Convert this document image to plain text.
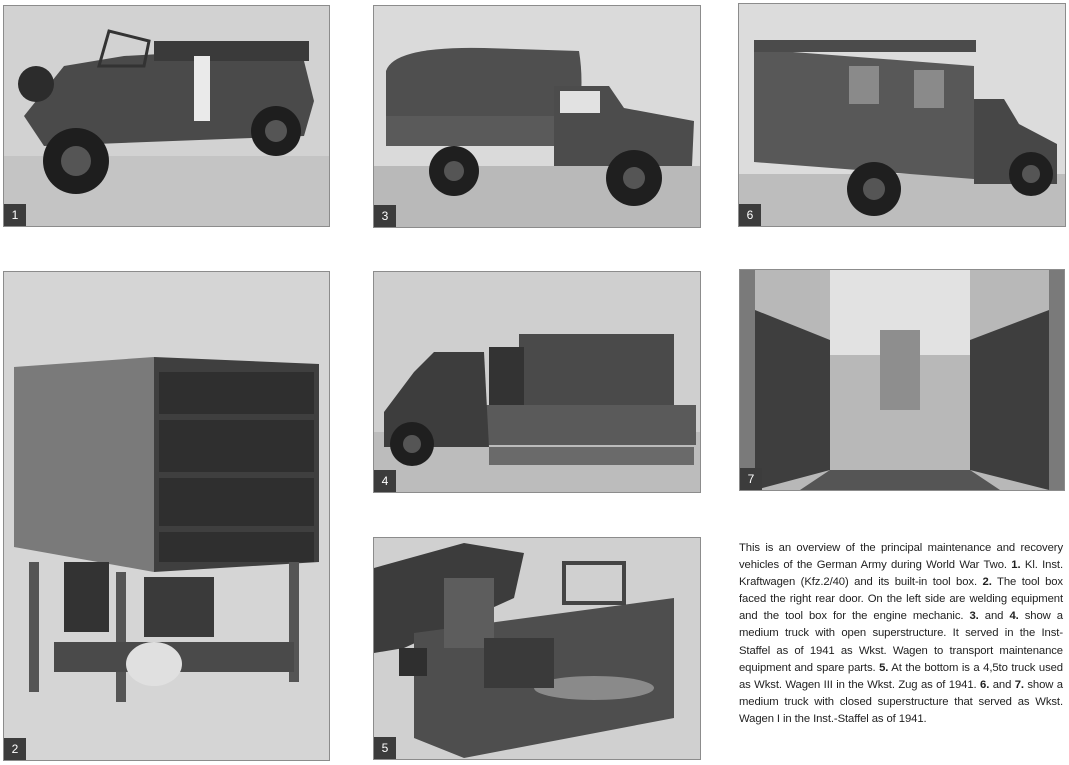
1	3	6
2
4	7
5

This is an overview of the principal maintenance and recovery vehicles of the German Army during World War Two. 1. Kl. Inst. Kraftwagen (Kfz.2/40) and its built-in tool box. 2. The tool box faced the right rear door. On the left side are welding equipment and the tool box for the engine mechanic. 3. and 4. show a medium truck with open superstructure. It served in the Inst-Staffel as of 1941 as Wkst. Wagen to transport maintenance equipment and spare parts. 5. At the bottom is a 4,5to truck used as Wkst. Wagen III in the Wkst. Zug as of 1941. 6. and 7. show a medium truck with closed superstructure that served as Wkst. Wagen I in the Inst.-Staffel as of 1941.
